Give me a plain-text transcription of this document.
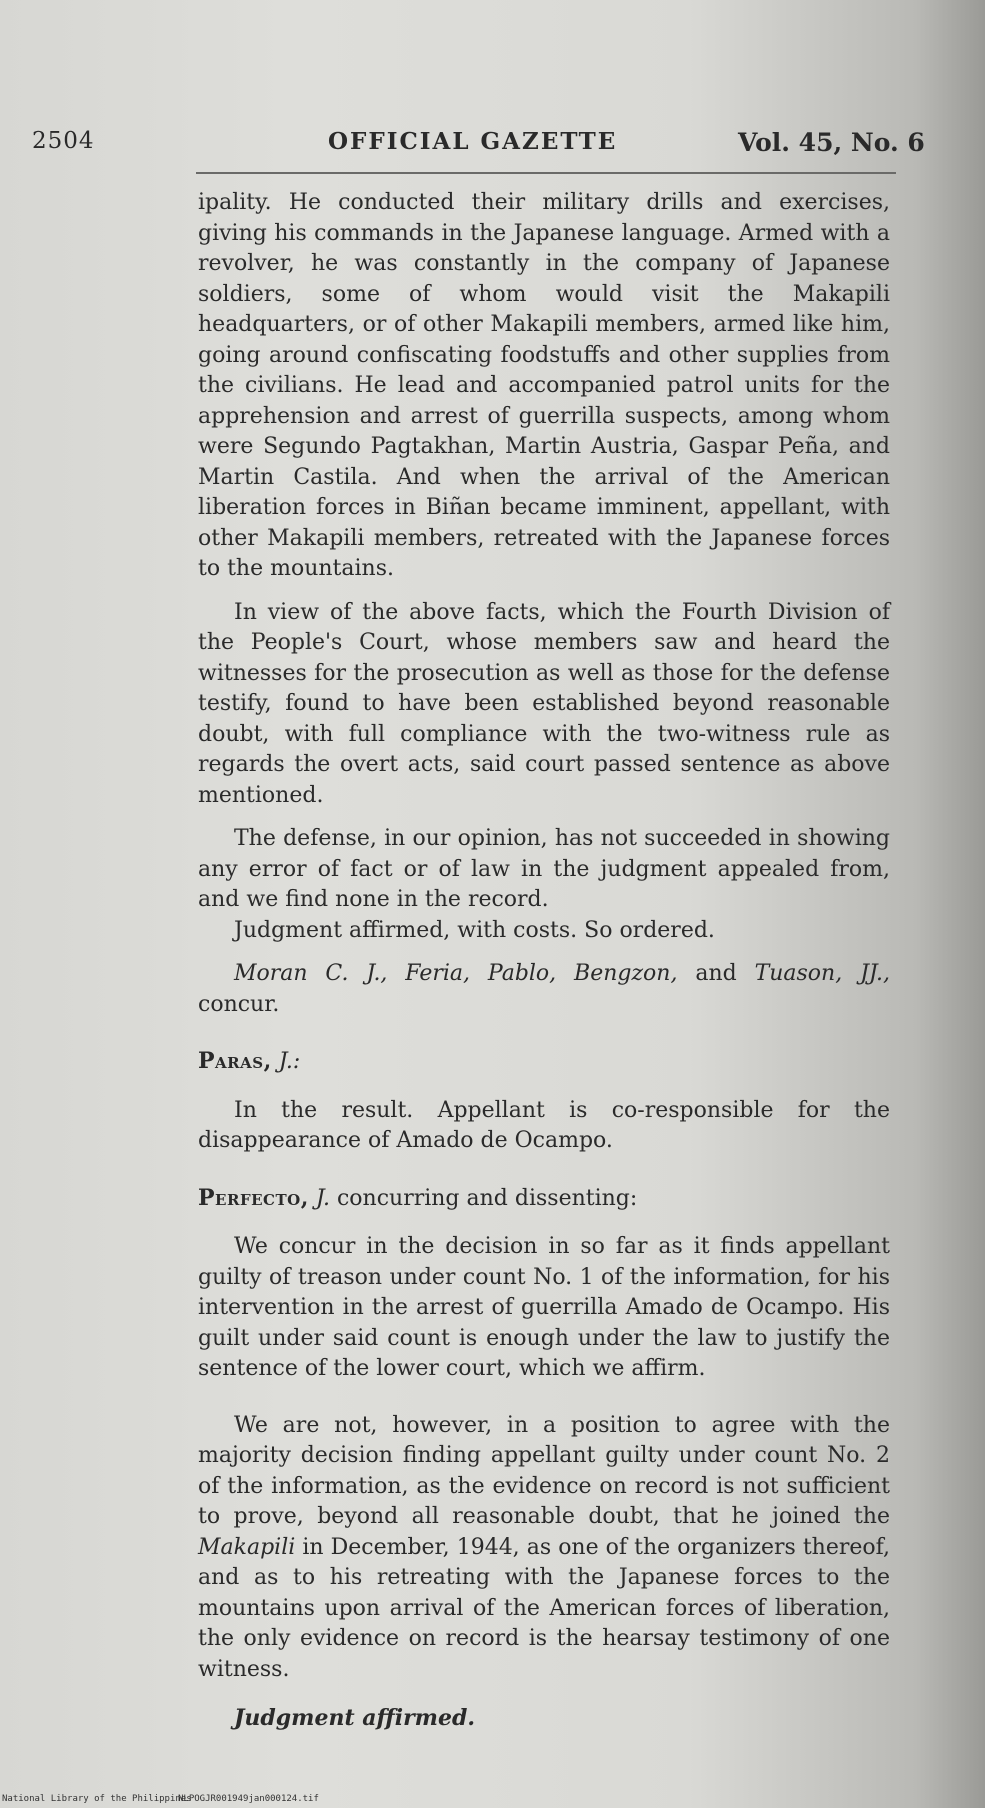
2504	OFFICIAL GAZETTE	Vol. 45, No. 6

ipality. He conducted their military drills and exercises, giving his commands in the Japanese language. Armed with a revolver, he was constantly in the company of Japanese soldiers, some of whom would visit the Makapili headquarters, or of other Makapili members, armed like him, going around confiscating foodstuffs and other supplies from the civilians. He lead and accompanied patrol units for the apprehension and arrest of guerrilla suspects, among whom were Segundo Pagtakhan, Martin Austria, Gaspar Peña, and Martin Castila. And when the arrival of the American liberation forces in Biñan became imminent, appellant, with other Makapili members, retreated with the Japanese forces to the mountains.

In view of the above facts, which the Fourth Division of the People's Court, whose members saw and heard the witnesses for the prosecution as well as those for the defense testify, found to have been established beyond reasonable doubt, with full compliance with the two-witness rule as regards the overt acts, said court passed sentence as above mentioned.

The defense, in our opinion, has not succeeded in showing any error of fact or of law in the judgment appealed from, and we find none in the record.

Judgment affirmed, with costs. So ordered.

Moran C. J., Feria, Pablo, Bengzon, and Tuason, JJ., concur.

Paras, J.:

In the result. Appellant is co-responsible for the disappearance of Amado de Ocampo.

Perfecto, J. concurring and dissenting:

We concur in the decision in so far as it finds appellant guilty of treason under count No. 1 of the information, for his intervention in the arrest of guerrilla Amado de Ocampo. His guilt under said count is enough under the law to justify the sentence of the lower court, which we affirm.

We are not, however, in a position to agree with the majority decision finding appellant guilty under count No. 2 of the information, as the evidence on record is not sufficient to prove, beyond all reasonable doubt, that he joined the Makapili in December, 1944, as one of the organizers thereof, and as to his retreating with the Japanese forces to the mountains upon arrival of the American forces of liberation, the only evidence on record is the hearsay testimony of one witness.

Judgment affirmed.

National Library of the Philippines
NLPOGJR001949jan000124.tif
